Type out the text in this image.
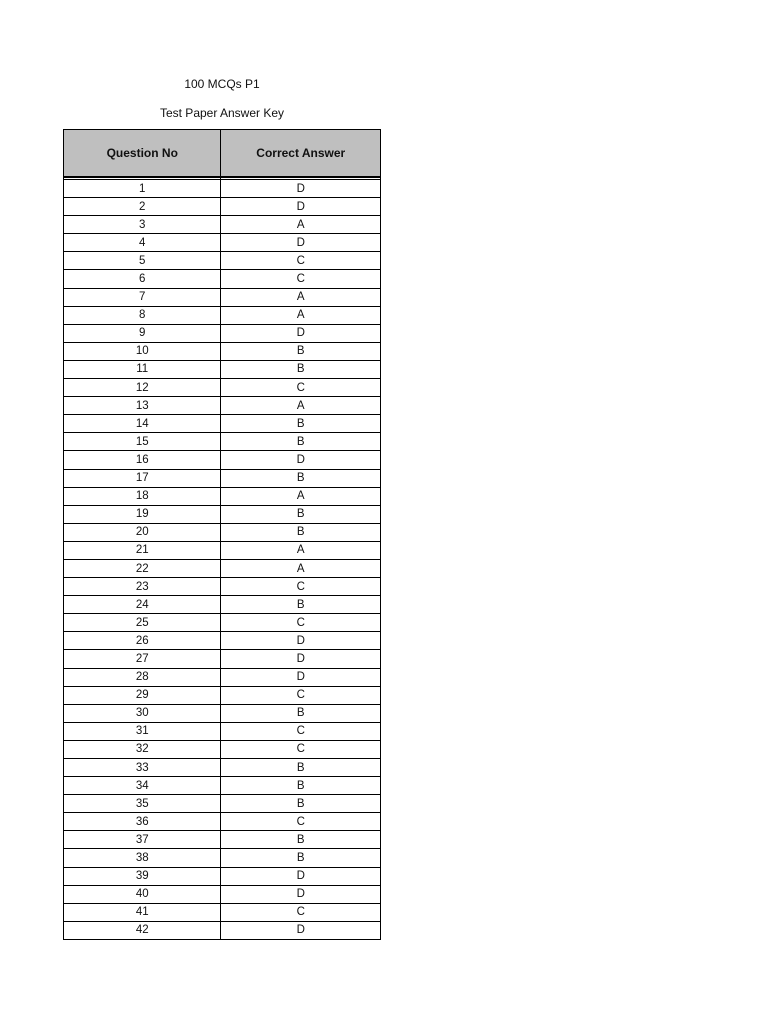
100 MCQs P1
Test Paper Answer Key
Question No	Correct Answer

1	D
2	D
3	A
4	D
5	C
6	C
7	A
8	A
9	D
10	B
11	B
12	C
13	A
14	B
15	B
16	D
17	B
18	A
19	B
20	B
21	A
22	A
23	C
24	B
25	C
26	D
27	D
28	D
29	C
30	B
31	C
32	C
33	B
34	B
35	B
36	C
37	B
38	B
39	D
40	D
41	C
42	D
